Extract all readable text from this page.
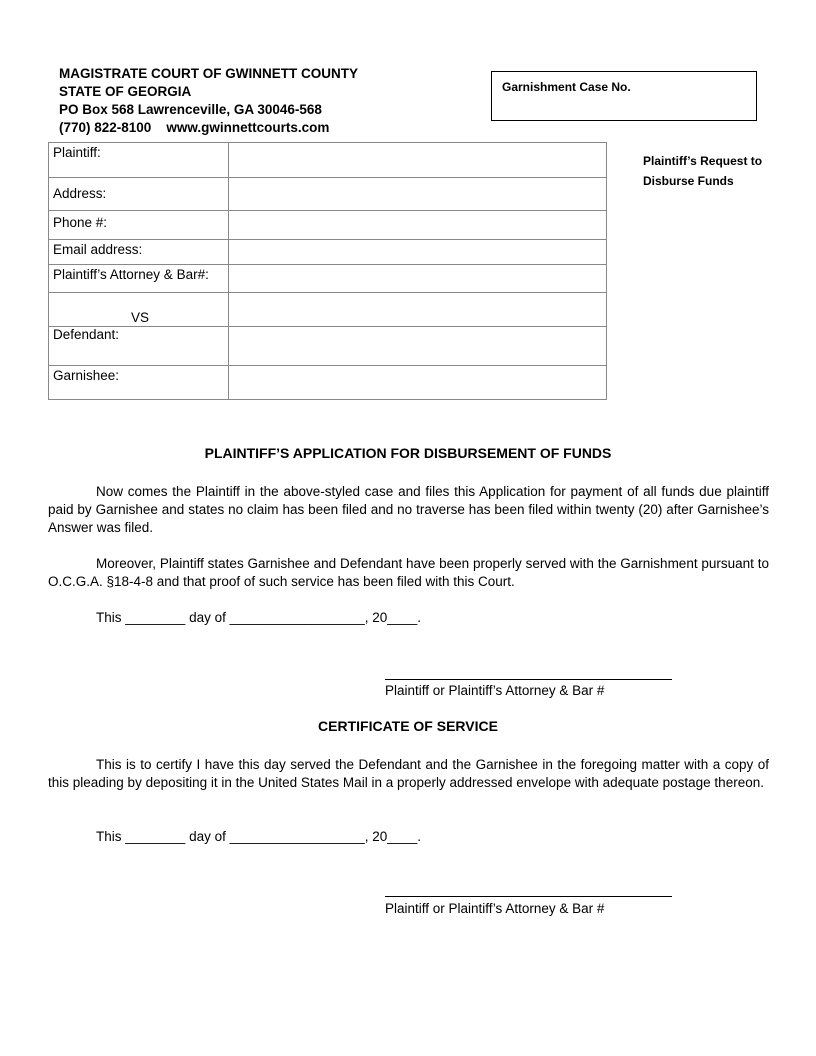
MAGISTRATE COURT OF GWINNETT COUNTY
STATE OF GEORGIA
PO Box 568 Lawrenceville, GA 30046-568
(770) 822-8100    www.gwinnettcourts.com
Garnishment Case No.
Plaintiff’s Request to
Disburse Funds
Plaintiff:	
Address:	
Phone #:	
Email address:	
Plaintiff’s Attorney & Bar#:	

VS	

Defendant:	
Garnishee:	
PLAINTIFF’S APPLICATION FOR DISBURSEMENT OF FUNDS
Now comes the Plaintiff in the above-styled case and files this Application for payment of all funds due plaintiff paid by Garnishee and states no claim has been filed and no traverse has been filed within twenty (20) after Garnishee’s Answer was filed.
Moreover, Plaintiff states Garnishee and Defendant have been properly served with the Garnishment pursuant to O.C.G.A. §18-4-8 and that proof of such service has been filed with this Court.
This ________ day of __________________, 20____.
Plaintiff or Plaintiff’s Attorney & Bar #
CERTIFICATE OF SERVICE
This is to certify I have this day served the Defendant and the Garnishee in the foregoing matter with a copy of this pleading by depositing it in the United States Mail in a properly addressed envelope with adequate postage thereon.
This ________ day of __________________, 20____.
Plaintiff or Plaintiff’s Attorney & Bar #
